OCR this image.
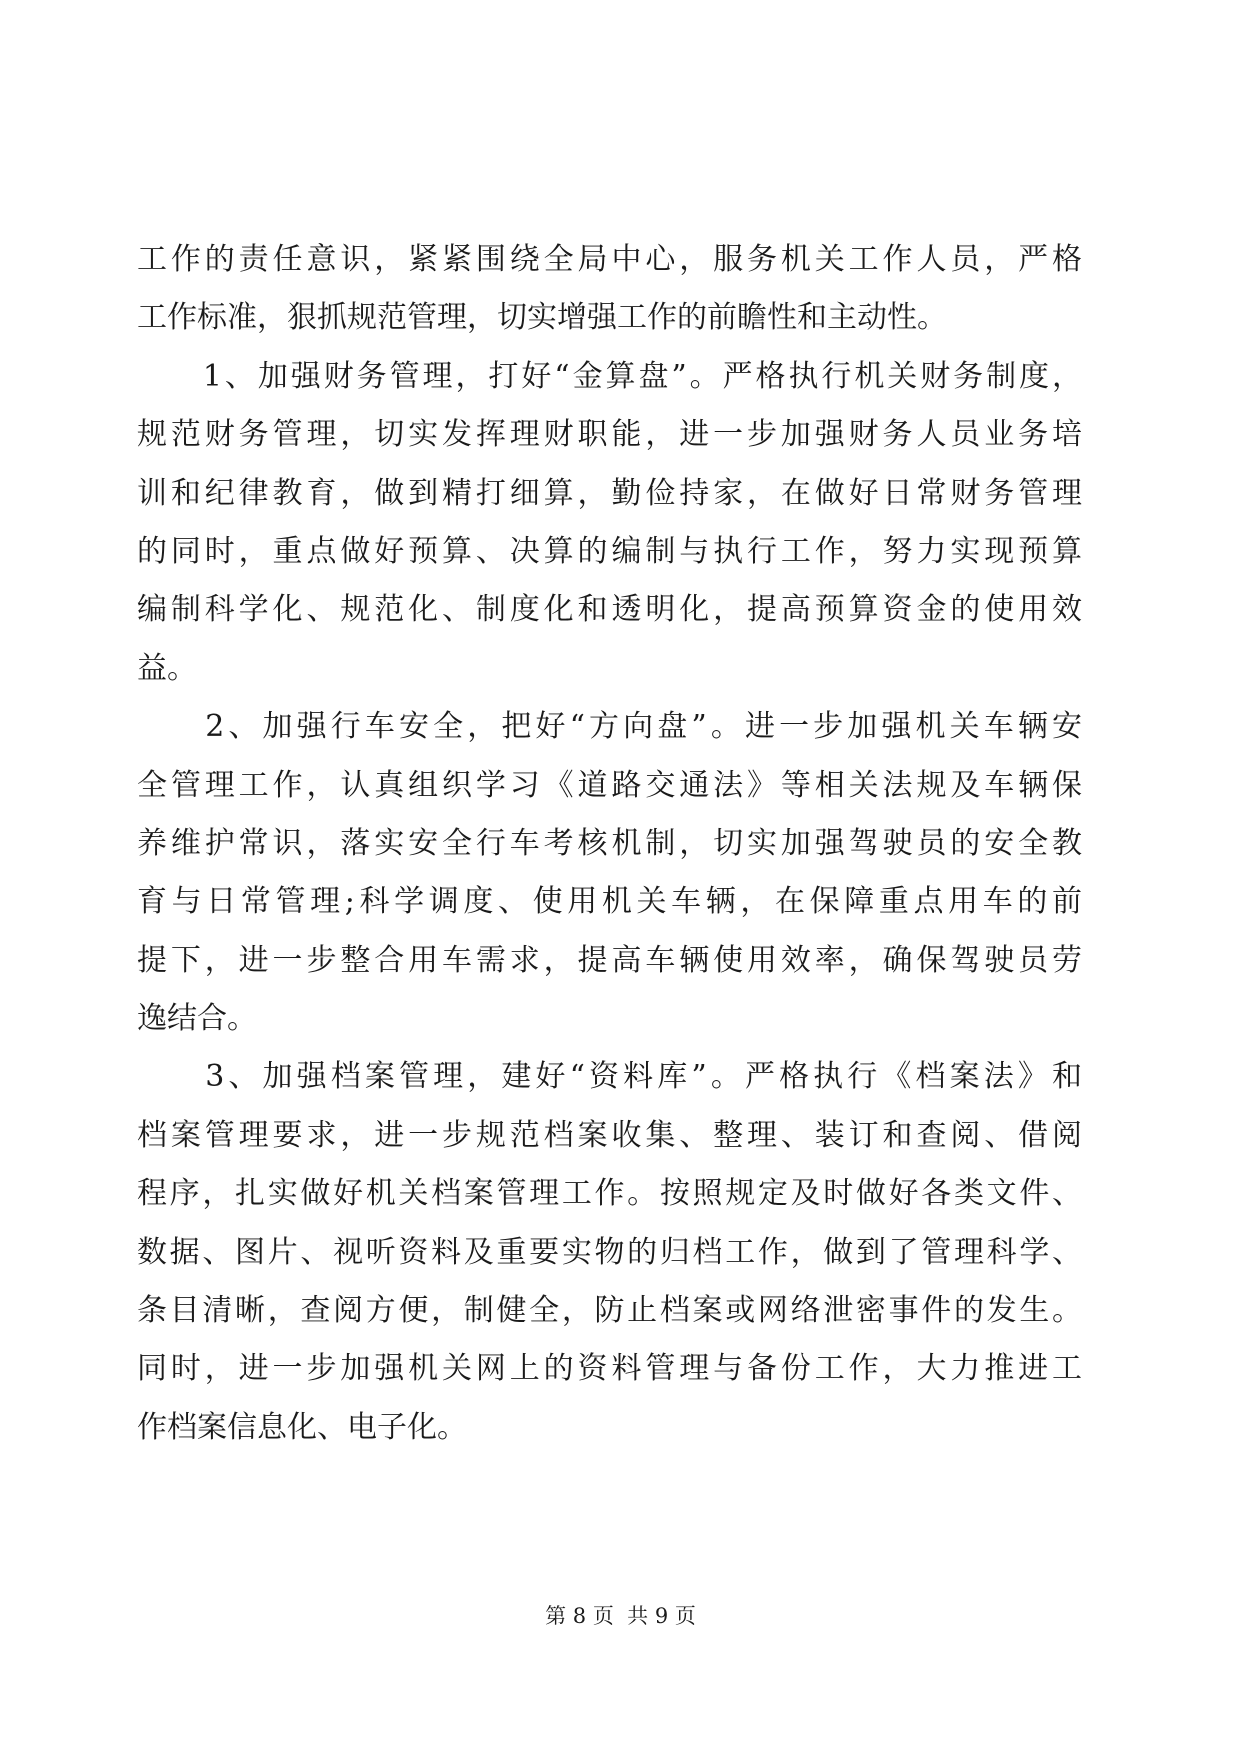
工作的责任意识，紧紧围绕全局中心，服务机关工作人员，严格
工作标准，狠抓规范管理，切实增强工作的前瞻性和主动性。
　　1、加强财务管理，打好“金算盘”。严格执行机关财务制度，
规范财务管理，切实发挥理财职能，进一步加强财务人员业务培
训和纪律教育，做到精打细算，勤俭持家，在做好日常财务管理
的同时，重点做好预算、决算的编制与执行工作，努力实现预算
编制科学化、规范化、制度化和透明化，提高预算资金的使用效
益。
　　2、加强行车安全，把好“方向盘”。进一步加强机关车辆安
全管理工作，认真组织学习《道路交通法》等相关法规及车辆保
养维护常识，落实安全行车考核机制，切实加强驾驶员的安全教
育与日常管理;科学调度、使用机关车辆，在保障重点用车的前
提下，进一步整合用车需求，提高车辆使用效率，确保驾驶员劳
逸结合。
　　3、加强档案管理，建好“资料库”。严格执行《档案法》和
档案管理要求，进一步规范档案收集、整理、装订和查阅、借阅
程序，扎实做好机关档案管理工作。按照规定及时做好各类文件、
数据、图片、视听资料及重要实物的归档工作，做到了管理科学、
条目清晰，查阅方便，制健全，防止档案或网络泄密事件的发生。
同时，进一步加强机关网上的资料管理与备份工作，大力推进工
作档案信息化、电子化。
第 8 页  共 9 页
